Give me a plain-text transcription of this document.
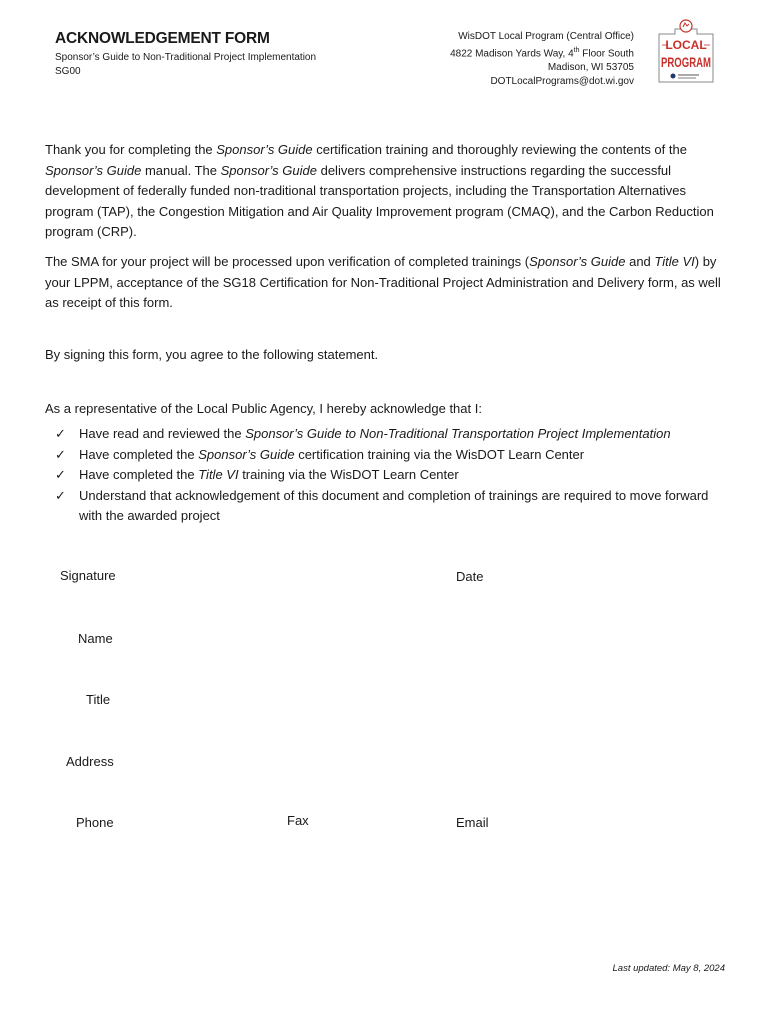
ACKNOWLEDGEMENT FORM
Sponsor’s Guide to Non-Traditional Project Implementation
SG00
WisDOT Local Program (Central Office)
4822 Madison Yards Way, 4th Floor South
Madison, WI 53705
DOTLocalPrograms@dot.wi.gov
LOCAL
PROGRAM
Thank you for completing the Sponsor’s Guide certification training and thoroughly reviewing the contents of the Sponsor’s Guide manual. The Sponsor’s Guide delivers comprehensive instructions regarding the successful development of federally funded non-traditional transportation projects, including the Transportation Alternatives program (TAP), the Congestion Mitigation and Air Quality Improvement program (CMAQ), and the Carbon Reduction program (CRP).
The SMA for your project will be processed upon verification of completed trainings (Sponsor’s Guide and Title VI) by your LPPM, acceptance of the SG18 Certification for Non-Traditional Project Administration and Delivery form, as well as receipt of this form.
By signing this form, you agree to the following statement.
As a representative of the Local Public Agency, I hereby acknowledge that I:
✓ Have read and reviewed the Sponsor’s Guide to Non-Traditional Transportation Project Implementation
✓ Have completed the Sponsor’s Guide certification training via the WisDOT Learn Center
✓ Have completed the Title VI training via the WisDOT Learn Center
✓ Understand that acknowledgement of this document and completion of trainings are required to move forward with the awarded project
Signature	Date
Name
Title
Address
Phone	Fax	Email
Last updated: May 8, 2024
